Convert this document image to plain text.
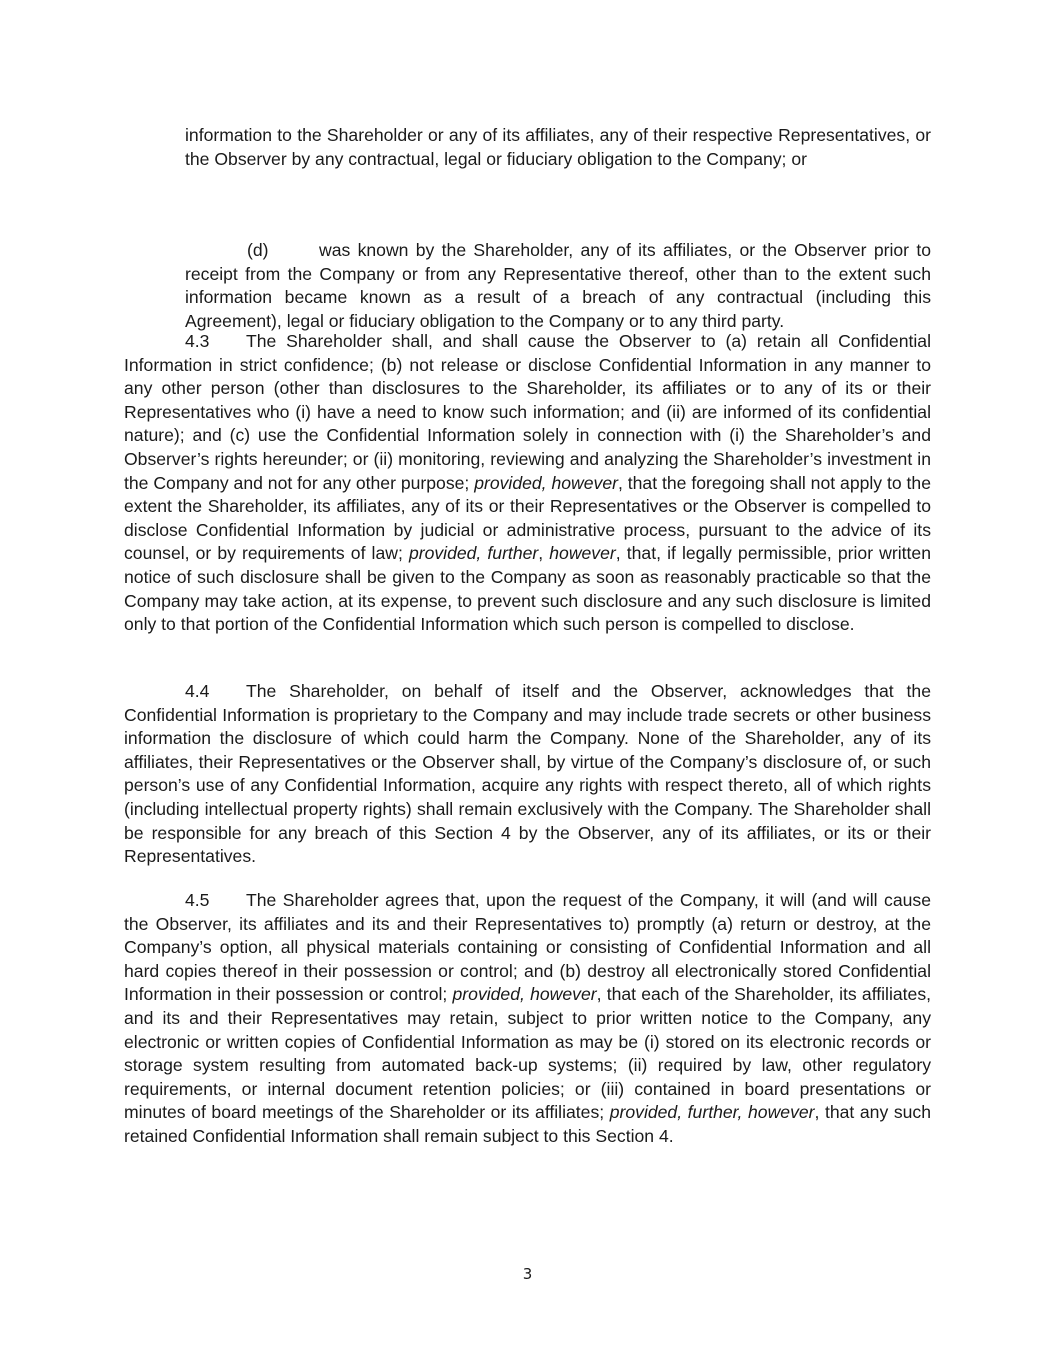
information to the Shareholder or any of its affiliates, any of their respective Representatives, or the Observer by any contractual, legal or fiduciary obligation to the Company; or

(d)	was known by the Shareholder, any of its affiliates, or the Observer prior to receipt from the Company or from any Representative thereof, other than to the extent such information became known as a result of a breach of any contractual (including this Agreement), legal or fiduciary obligation to the Company or to any third party.

4.3 The Shareholder shall, and shall cause the Observer to (a) retain all Confidential Information in strict confidence; (b) not release or disclose Confidential Information in any manner to any other person (other than disclosures to the Shareholder, its affiliates or to any of its or their Representatives who (i) have a need to know such information; and (ii) are informed of its confidential nature); and (c) use the Confidential Information solely in connection with (i) the Shareholder’s and Observer’s rights hereunder; or (ii) monitoring, reviewing and analyzing the Shareholder’s investment in the Company and not for any other purpose; provided, however, that the foregoing shall not apply to the extent the Shareholder, its affiliates, any of its or their Representatives or the Observer is compelled to disclose Confidential Information by judicial or administrative process, pursuant to the advice of its counsel, or by requirements of law; provided, further, however, that, if legally permissible, prior written notice of such disclosure shall be given to the Company as soon as reasonably practicable so that the Company may take action, at its expense, to prevent such disclosure and any such disclosure is limited only to that portion of the Confidential Information which such person is compelled to disclose.

4.4 The Shareholder, on behalf of itself and the Observer, acknowledges that the Confidential Information is proprietary to the Company and may include trade secrets or other business information the disclosure of which could harm the Company. None of the Shareholder, any of its affiliates, their Representatives or the Observer shall, by virtue of the Company’s disclosure of, or such person’s use of any Confidential Information, acquire any rights with respect thereto, all of which rights (including intellectual property rights) shall remain exclusively with the Company. The Shareholder shall be responsible for any breach of this Section 4 by the Observer, any of its affiliates, or its or their Representatives.

4.5 The Shareholder agrees that, upon the request of the Company, it will (and will cause the Observer, its affiliates and its and their Representatives to) promptly (a) return or destroy, at the Company’s option, all physical materials containing or consisting of Confidential Information and all hard copies thereof in their possession or control; and (b) destroy all electronically stored Confidential Information in their possession or control; provided, however, that each of the Shareholder, its affiliates, and its and their Representatives may retain, subject to prior written notice to the Company, any electronic or written copies of Confidential Information as may be (i) stored on its electronic records or storage system resulting from automated back-up systems; (ii) required by law, other regulatory requirements, or internal document retention policies; or (iii) contained in board presentations or minutes of board meetings of the Shareholder or its affiliates; provided, further, however, that any such retained Confidential Information shall remain subject to this Section 4.

3
